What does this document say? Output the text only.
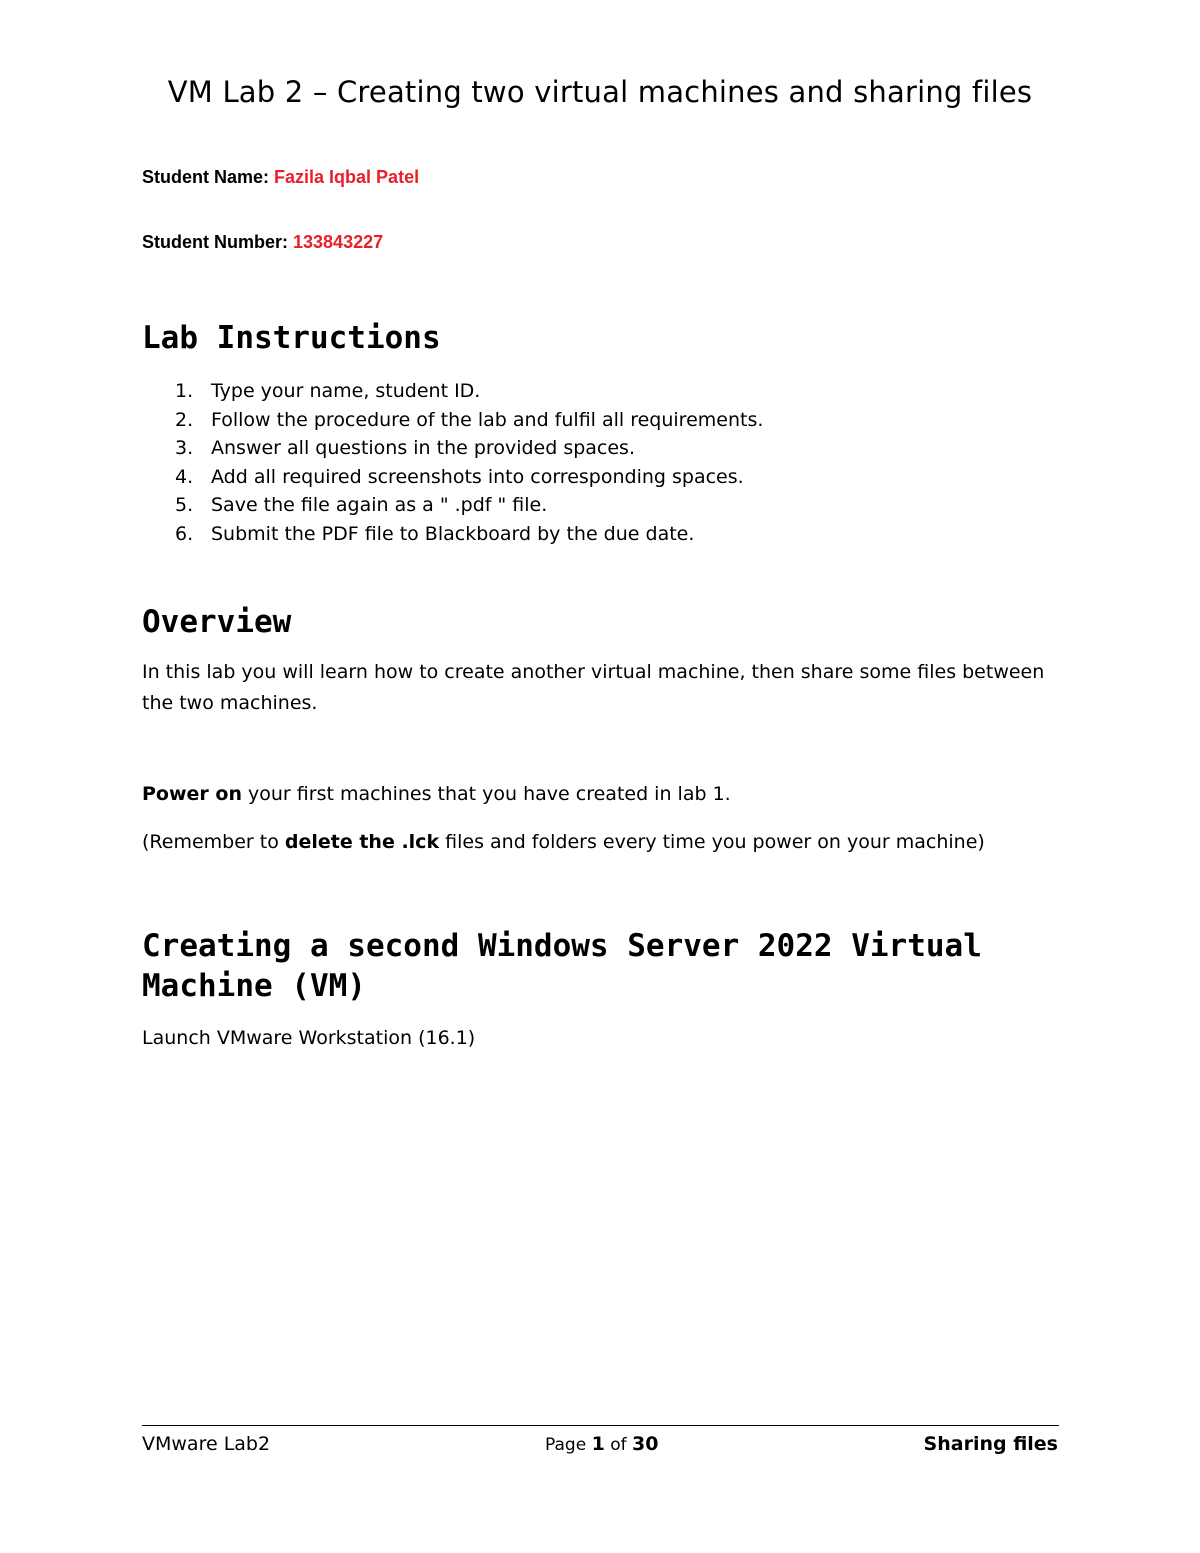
VM Lab 2 – Creating two virtual machines and sharing files
Student Name: Fazila Iqbal Patel
Student Number: 133843227
Lab Instructions
1. Type your name, student ID.
2. Follow the procedure of the lab and fulfil all requirements.
3. Answer all questions in the provided spaces.
4. Add all required screenshots into corresponding spaces.
5. Save the file again as a " .pdf " file.
6. Submit the PDF file to Blackboard by the due date.
Overview
In this lab you will learn how to create another virtual machine, then share some files between
the two machines.
Power on your first machines that you have created in lab 1.
(Remember to delete the .lck files and folders every time you power on your machine)
Creating a second Windows Server 2022 Virtual
Machine (VM)
Launch VMware Workstation (16.1)
VMware Lab2	Page 1 of 30	Sharing files
